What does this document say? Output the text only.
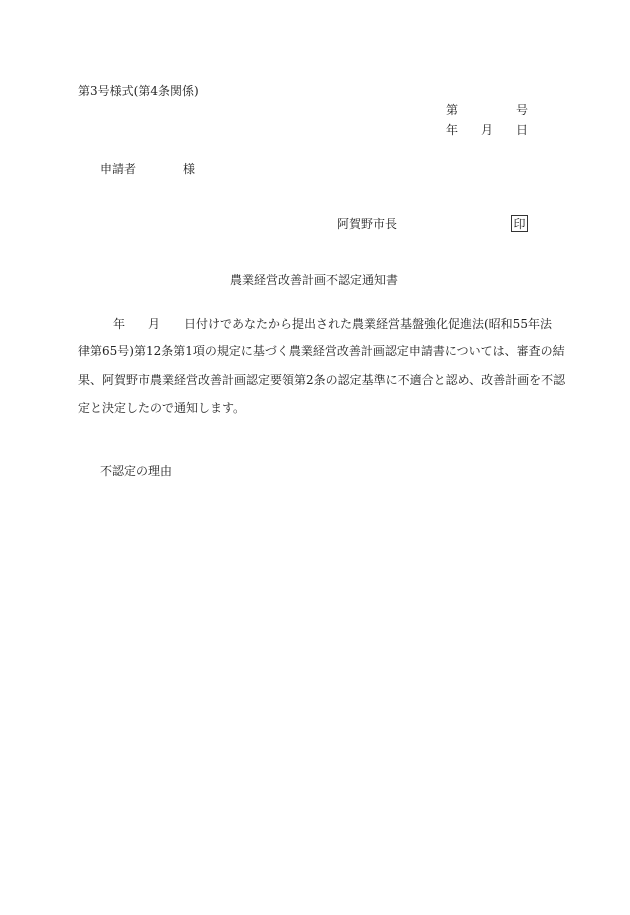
第3号様式(第4条関係)
第	号
年 月 日
申請者	様
阿賀野市長	印
農業経営改善計画不認定通知書
年 月 日付けであなたから提出された農業経営基盤強化促進法(昭和55年法
律第65号)第12条第1項の規定に基づく農業経営改善計画認定申請書については、審査の結
果、阿賀野市農業経営改善計画認定要領第2条の認定基準に不適合と認め、改善計画を不認
定と決定したので通知します。
不認定の理由
